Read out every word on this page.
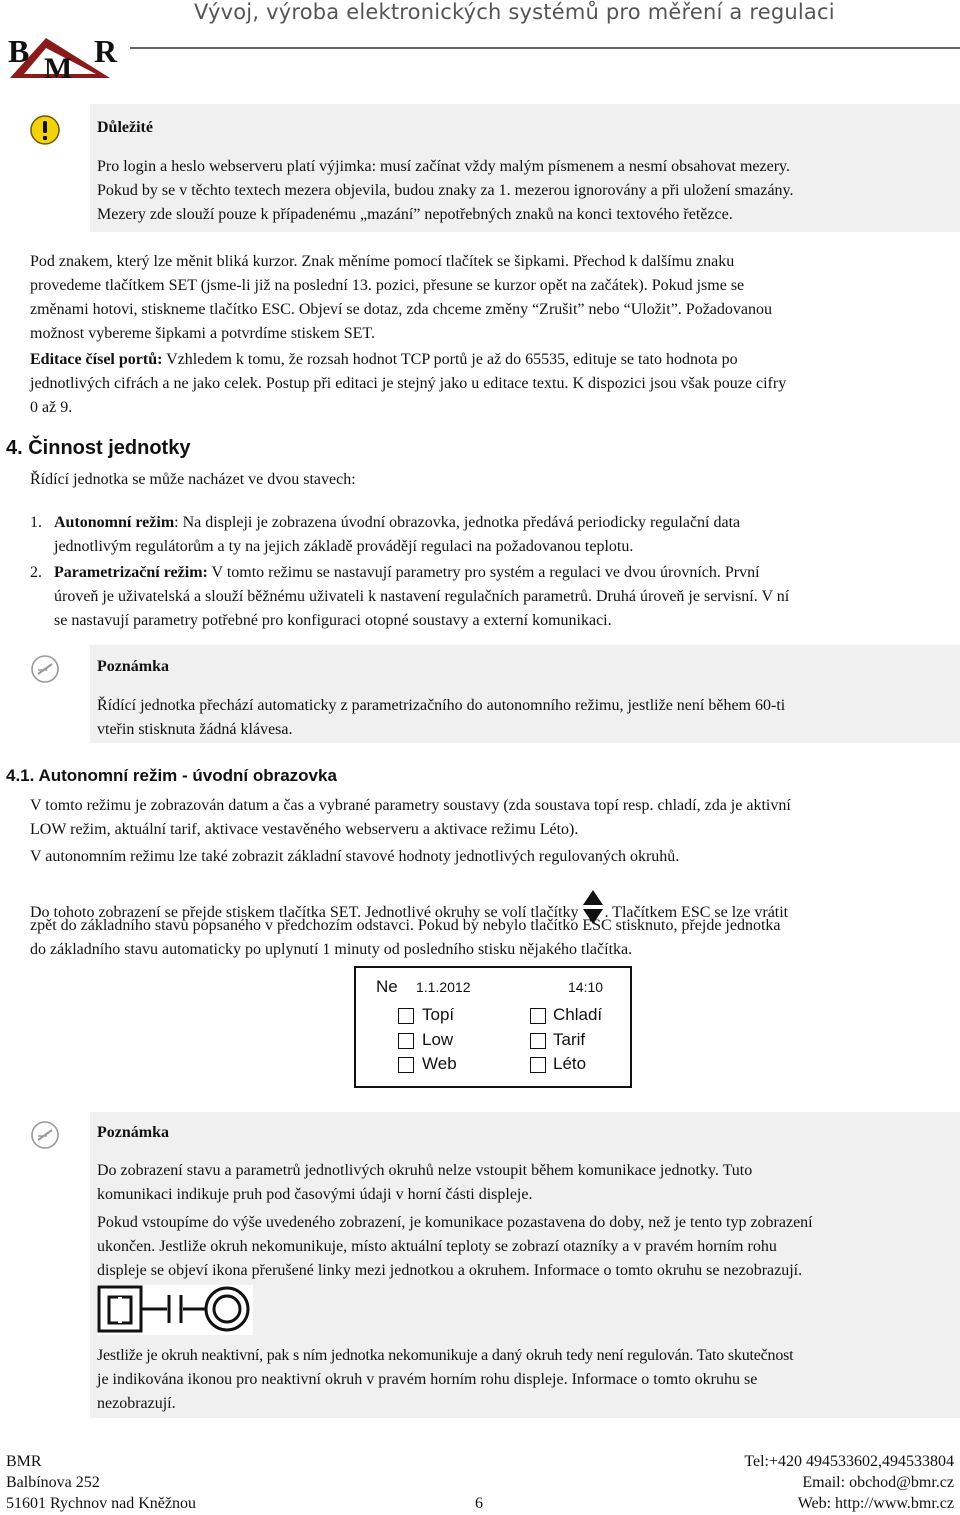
Vývoj, výroba elektronických systémů pro měření a regulaci
B M R
Důležité
Pro login a heslo webserveru platí výjimka: musí začínat vždy malým písmenem a nesmí obsahovat mezery.
Pokud by se v těchto textech mezera objevila, budou znaky za 1. mezerou ignorovány a při uložení smazány.
Mezery zde slouží pouze k případenému „mazání” nepotřebných znaků na konci textového řetězce.
Pod znakem, který lze měnit bliká kurzor. Znak měníme pomocí tlačítek se šipkami. Přechod k dalšímu znaku
provedeme tlačítkem SET (jsme-li již na poslední 13. pozici, přesune se kurzor opět na začátek). Pokud jsme se
změnami hotovi, stiskneme tlačítko ESC. Objeví se dotaz, zda chceme změny “Zrušit” nebo “Uložit”. Požadovanou
možnost vybereme šipkami a potvrdíme stiskem SET.
Editace čísel portů: Vzhledem k tomu, že rozsah hodnot TCP portů je až do 65535, edituje se tato hodnota po
jednotlivých cifrách a ne jako celek. Postup při editaci je stejný jako u editace textu. K dispozici jsou však pouze cifry
0 až 9.
4. Činnost jednotky
Řídící jednotka se může nacházet ve dvou stavech:
1. Autonomní režim: Na displeji je zobrazena úvodní obrazovka, jednotka předává periodicky regulační data
jednotlivým regulátorům a ty na jejich základě provádějí regulaci na požadovanou teplotu.
2. Parametrizační režim: V tomto režimu se nastavují parametry pro systém a regulaci ve dvou úrovních. První
úroveň je uživatelská a slouží běžnému uživateli k nastavení regulačních parametrů. Druhá úroveň je servisní. V ní
se nastavují parametry potřebné pro konfiguraci otopné soustavy a externí komunikaci.
Poznámka
Řídící jednotka přechází automaticky z parametrizačního do autonomního režimu, jestliže není během 60-ti
vteřin stisknuta žádná klávesa.
4.1. Autonomní režim - úvodní obrazovka
V tomto režimu je zobrazován datum a čas a vybrané parametry soustavy (zda soustava topí resp. chladí, zda je aktivní
LOW režim, aktuální tarif, aktivace vestavěného webserveru a aktivace režimu Léto).
V autonomním režimu lze také zobrazit základní stavové hodnoty jednotlivých regulovaných okruhů.
Do tohoto zobrazení se přejde stiskem tlačítka SET. Jednotlivé okruhy se volí tlačítky . Tlačítkem ESC se lze vrátit
zpět do základního stavu popsaného v předchozím odstavci. Pokud by nebylo tlačítko ESC stisknuto, přejde jednotka
do základního stavu automaticky po uplynutí 1 minuty od posledního stisku nějakého tlačítka.
Ne 1.1.2012	14:10
Topí	Chladí
Low	Tarif
Web	Léto
Poznámka
Do zobrazení stavu a parametrů jednotlivých okruhů nelze vstoupit během komunikace jednotky. Tuto
komunikaci indikuje pruh pod časovými údaji v horní části displeje.
Pokud vstoupíme do výše uvedeného zobrazení, je komunikace pozastavena do doby, než je tento typ zobrazení
ukončen. Jestliže okruh nekomunikuje, místo aktuální teploty se zobrazí otazníky a v pravém horním rohu
displeje se objeví ikona přerušené linky mezi jednotkou a okruhem. Informace o tomto okruhu se nezobrazují.
Jestliže je okruh neaktivní, pak s ním jednotka nekomunikuje a daný okruh tedy není regulován. Tato skutečnost
je indikována ikonou pro neaktivní okruh v pravém horním rohu displeje. Informace o tomto okruhu se
nezobrazují.
BMR
Balbínova 252
51601 Rychnov nad Kněžnou	6
Tel:+420 494533602,494533804
Email: obchod@bmr.cz
Web: http://www.bmr.cz
